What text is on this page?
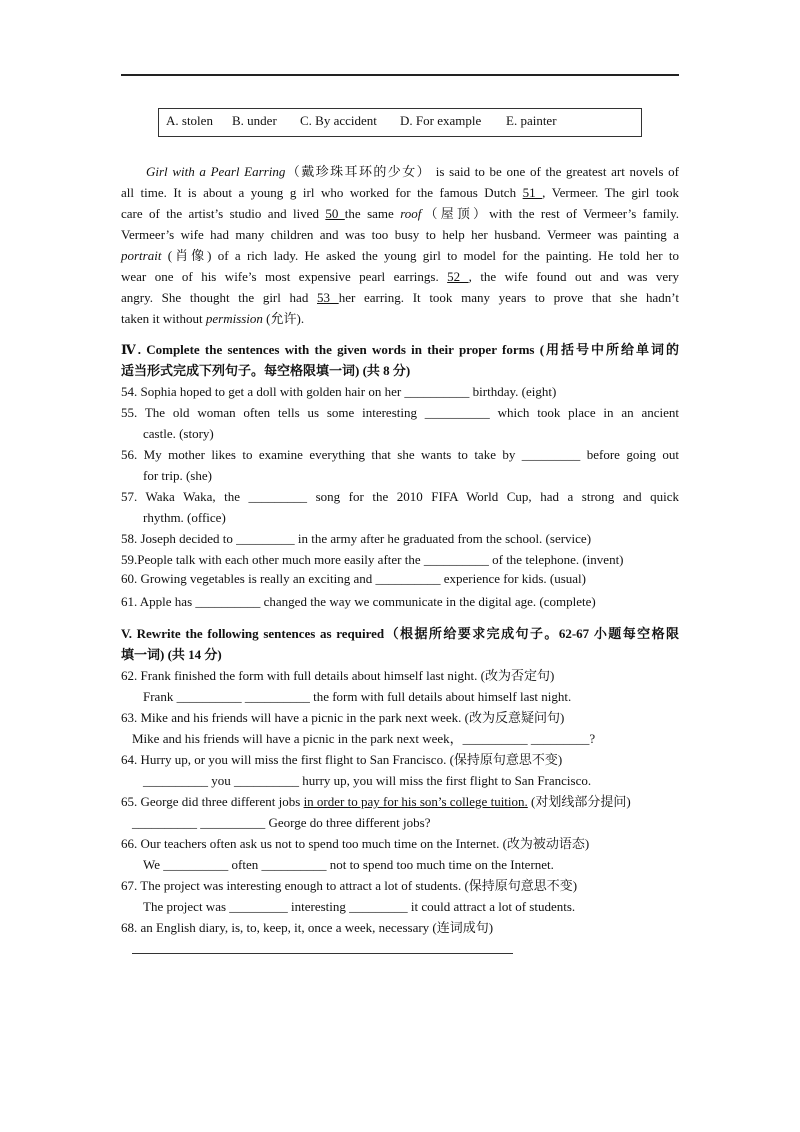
A. stolen B. under C. By accident D. For example E. painter
Girl with a Pearl Earring（戴珍珠耳环的少女） is said to be one of the greatest art novels of
all time. It is about a young g irl who worked for the famous Dutch 51 , Vermeer. The girl took
care of the artist’s studio and lived 50 the same roof（屋顶）with the rest of Vermeer’s family.
Vermeer’s wife had many children and was too busy to help her husband. Vermeer was painting a
portrait (肖像) of a rich lady. He asked the young girl to model for the painting. He told her to
wear one of his wife’s most expensive pearl earrings. 52 , the wife found out and was very
angry. She thought the girl had 53 her earring. It took many years to prove that she hadn’t
taken it without permission (允许).
Ⅳ. Complete the sentences with the given words in their proper forms (用括号中所给单词的
适当形式完成下列句子。每空格限填一词) (共 8 分)
54. Sophia hoped to get a doll with golden hair on her __________ birthday. (eight)
55. The old woman often tells us some interesting __________ which took place in an ancient
castle. (story)
56. My mother likes to examine everything that she wants to take by _________ before going out
for trip. (she)
57. Waka Waka, the _________ song for the 2010 FIFA World Cup, had a strong and quick
rhythm. (office)
58. Joseph decided to _________ in the army after he graduated from the school. (service)
59.People talk with each other much more easily after the __________ of the telephone. (invent)
60. Growing vegetables is really an exciting and __________ experience for kids. (usual)
61. Apple has __________ changed the way we communicate in the digital age. (complete)
V. Rewrite the following sentences as required（根据所给要求完成句子。62-67 小题每空格限
填一词) (共 14 分)
62. Frank finished the form with full details about himself last night. (改为否定句)
Frank __________ __________ the form with full details about himself last night.
63. Mike and his friends will have a picnic in the park next week. (改为反意疑问句)
Mike and his friends will have a picnic in the park next week，__________ _________?
64. Hurry up, or you will miss the first flight to San Francisco. (保持原句意思不变)
__________ you __________ hurry up, you will miss the first flight to San Francisco.
65. George did three different jobs in order to pay for his son’s college tuition. (对划线部分提问)
__________ __________ George do three different jobs?
66. Our teachers often ask us not to spend too much time on the Internet. (改为被动语态)
We __________ often __________ not to spend too much time on the Internet.
67. The project was interesting enough to attract a lot of students. (保持原句意思不变)
The project was _________ interesting _________ it could attract a lot of students.
68. an English diary, is, to, keep, it, once a week, necessary (连词成句)
